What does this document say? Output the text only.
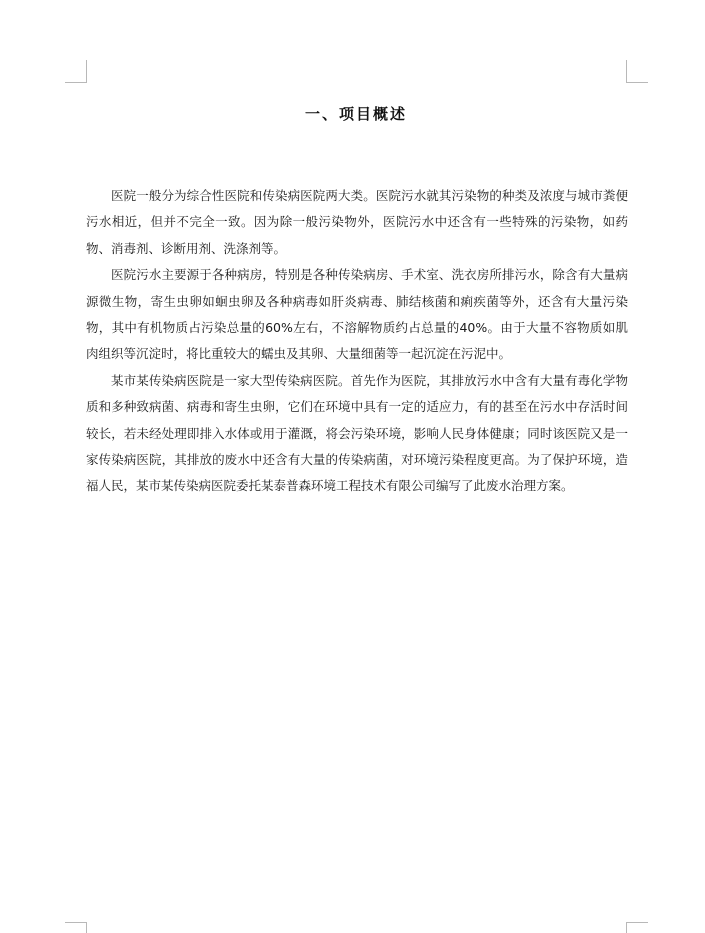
一、项目概述

医院一般分为综合性医院和传染病医院两大类。医院污水就其污染物的种类及浓度与城市粪便污水相近，但并不完全一致。因为除一般污染物外，医院污水中还含有一些特殊的污染物，如药物、消毒剂、诊断用剂、洗涤剂等。

医院污水主要源于各种病房，特别是各种传染病房、手术室、洗衣房所排污水，除含有大量病源微生物，寄生虫卵如蛔虫卵及各种病毒如肝炎病毒、肺结核菌和痢疾菌等外，还含有大量污染物，其中有机物质占污染总量的60%左右，不溶解物质约占总量的40%。由于大量不容物质如肌肉组织等沉淀时，将比重较大的蠕虫及其卵、大量细菌等一起沉淀在污泥中。

某市某传染病医院是一家大型传染病医院。首先作为医院，其排放污水中含有大量有毒化学物质和多种致病菌、病毒和寄生虫卵，它们在环境中具有一定的适应力，有的甚至在污水中存活时间较长，若未经处理即排入水体或用于灌溉，将会污染环境，影响人民身体健康；同时该医院又是一家传染病医院，其排放的废水中还含有大量的传染病菌，对环境污染程度更高。为了保护环境，造福人民，某市某传染病医院委托某泰普森环境工程技术有限公司编写了此废水治理方案。
